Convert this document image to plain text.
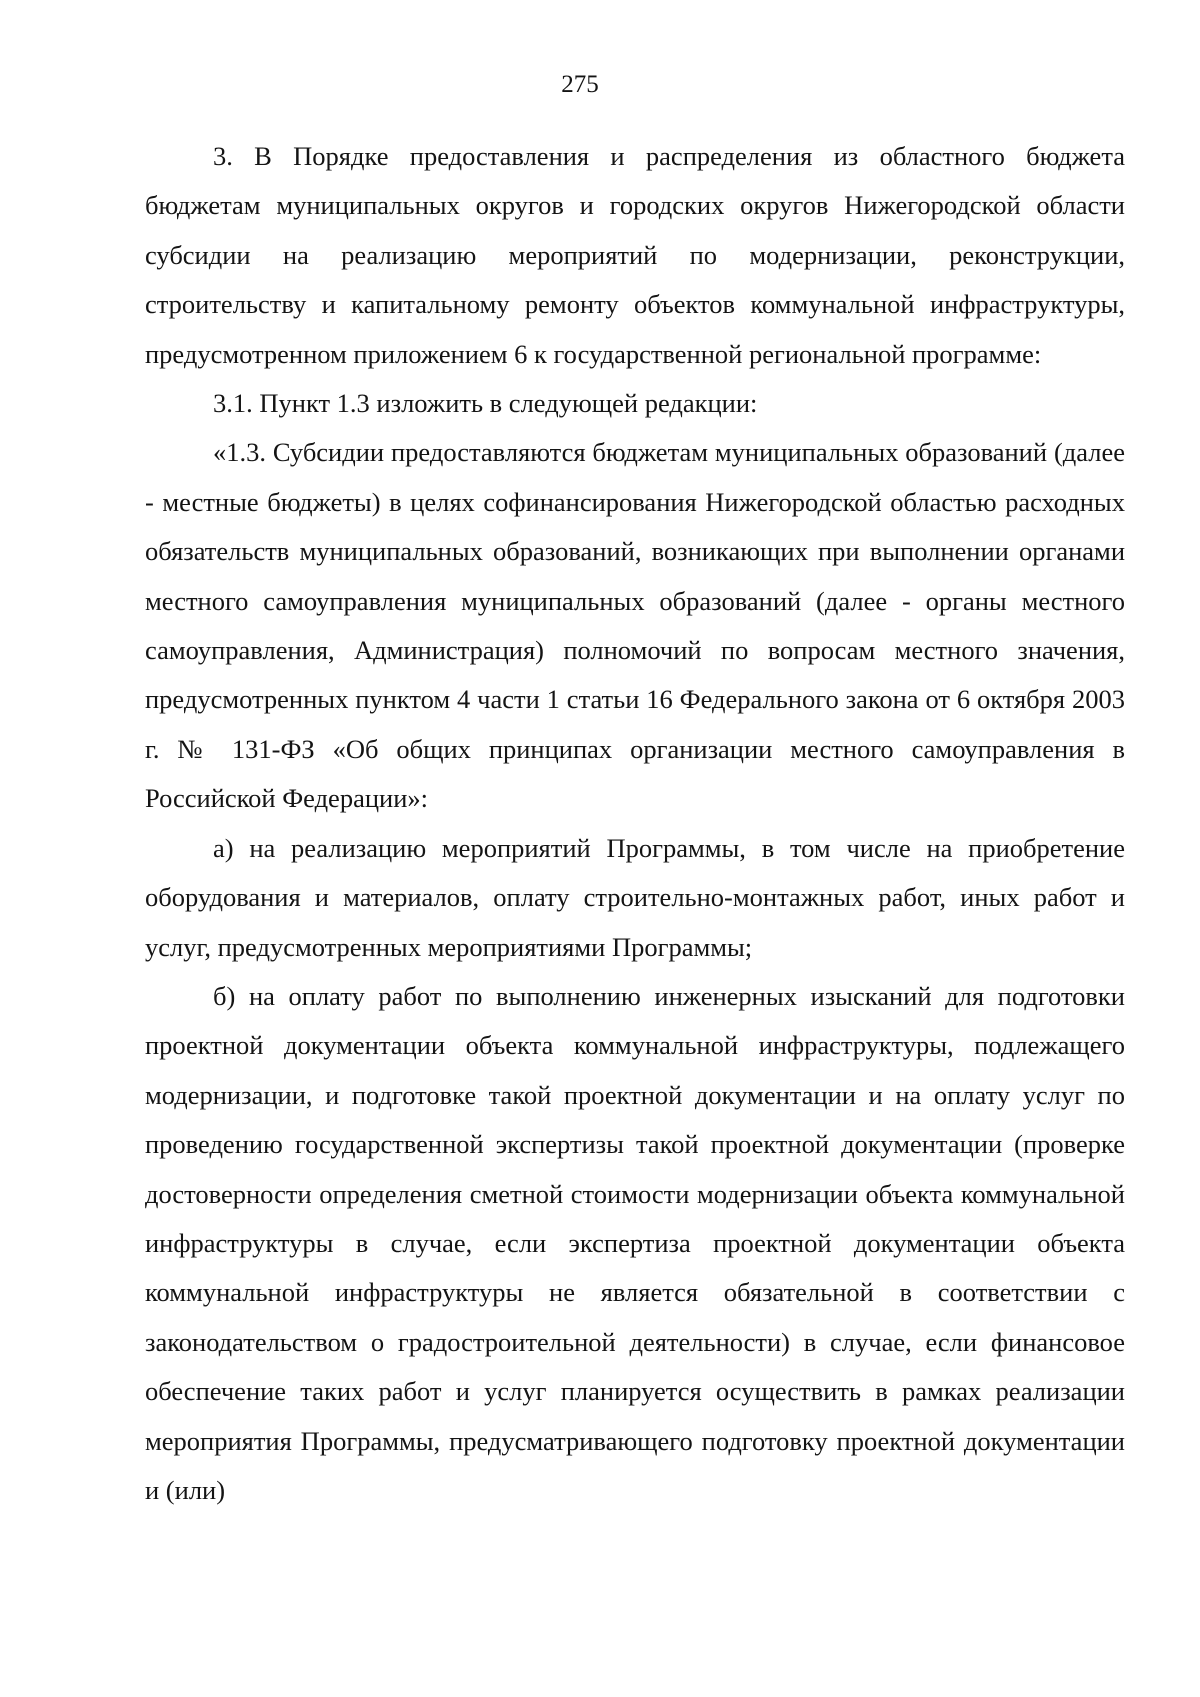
275

3. В Порядке предоставления и распределения из областного бюджета бюджетам муниципальных округов и городских округов Нижегородской области субсидии на реализацию мероприятий по модернизации, реконструкции, строительству и капитальному ремонту объектов коммунальной инфраструктуры, предусмотренном приложением 6 к государственной региональной программе:

3.1. Пункт 1.3 изложить в следующей редакции:

«1.3. Субсидии предоставляются бюджетам муниципальных образований (далее - местные бюджеты) в целях софинансирования Нижегородской областью расходных обязательств муниципальных образований, возникающих при выполнении органами местного самоуправления муниципальных образований (далее - органы местного самоуправления, Администрация) полномочий по вопросам местного значения, предусмотренных пунктом 4 части 1 статьи 16 Федерального закона от 6 октября 2003 г. № 131-ФЗ «Об общих принципах организации местного самоуправления в Российской Федерации»:

а) на реализацию мероприятий Программы, в том числе на приобретение оборудования и материалов, оплату строительно-монтажных работ, иных работ и услуг, предусмотренных мероприятиями Программы;

б) на оплату работ по выполнению инженерных изысканий для подготовки проектной документации объекта коммунальной инфраструктуры, подлежащего модернизации, и подготовке такой проектной документации и на оплату услуг по проведению государственной экспертизы такой проектной документации (проверке достоверности определения сметной стоимости модернизации объекта коммунальной инфраструктуры в случае, если экспертиза проектной документации объекта коммунальной инфраструктуры не является обязательной в соответствии с законодательством о градостроительной деятельности) в случае, если финансовое обеспечение таких работ и услуг планируется осуществить в рамках реализации мероприятия Программы, предусматривающего подготовку проектной документации и (или)
